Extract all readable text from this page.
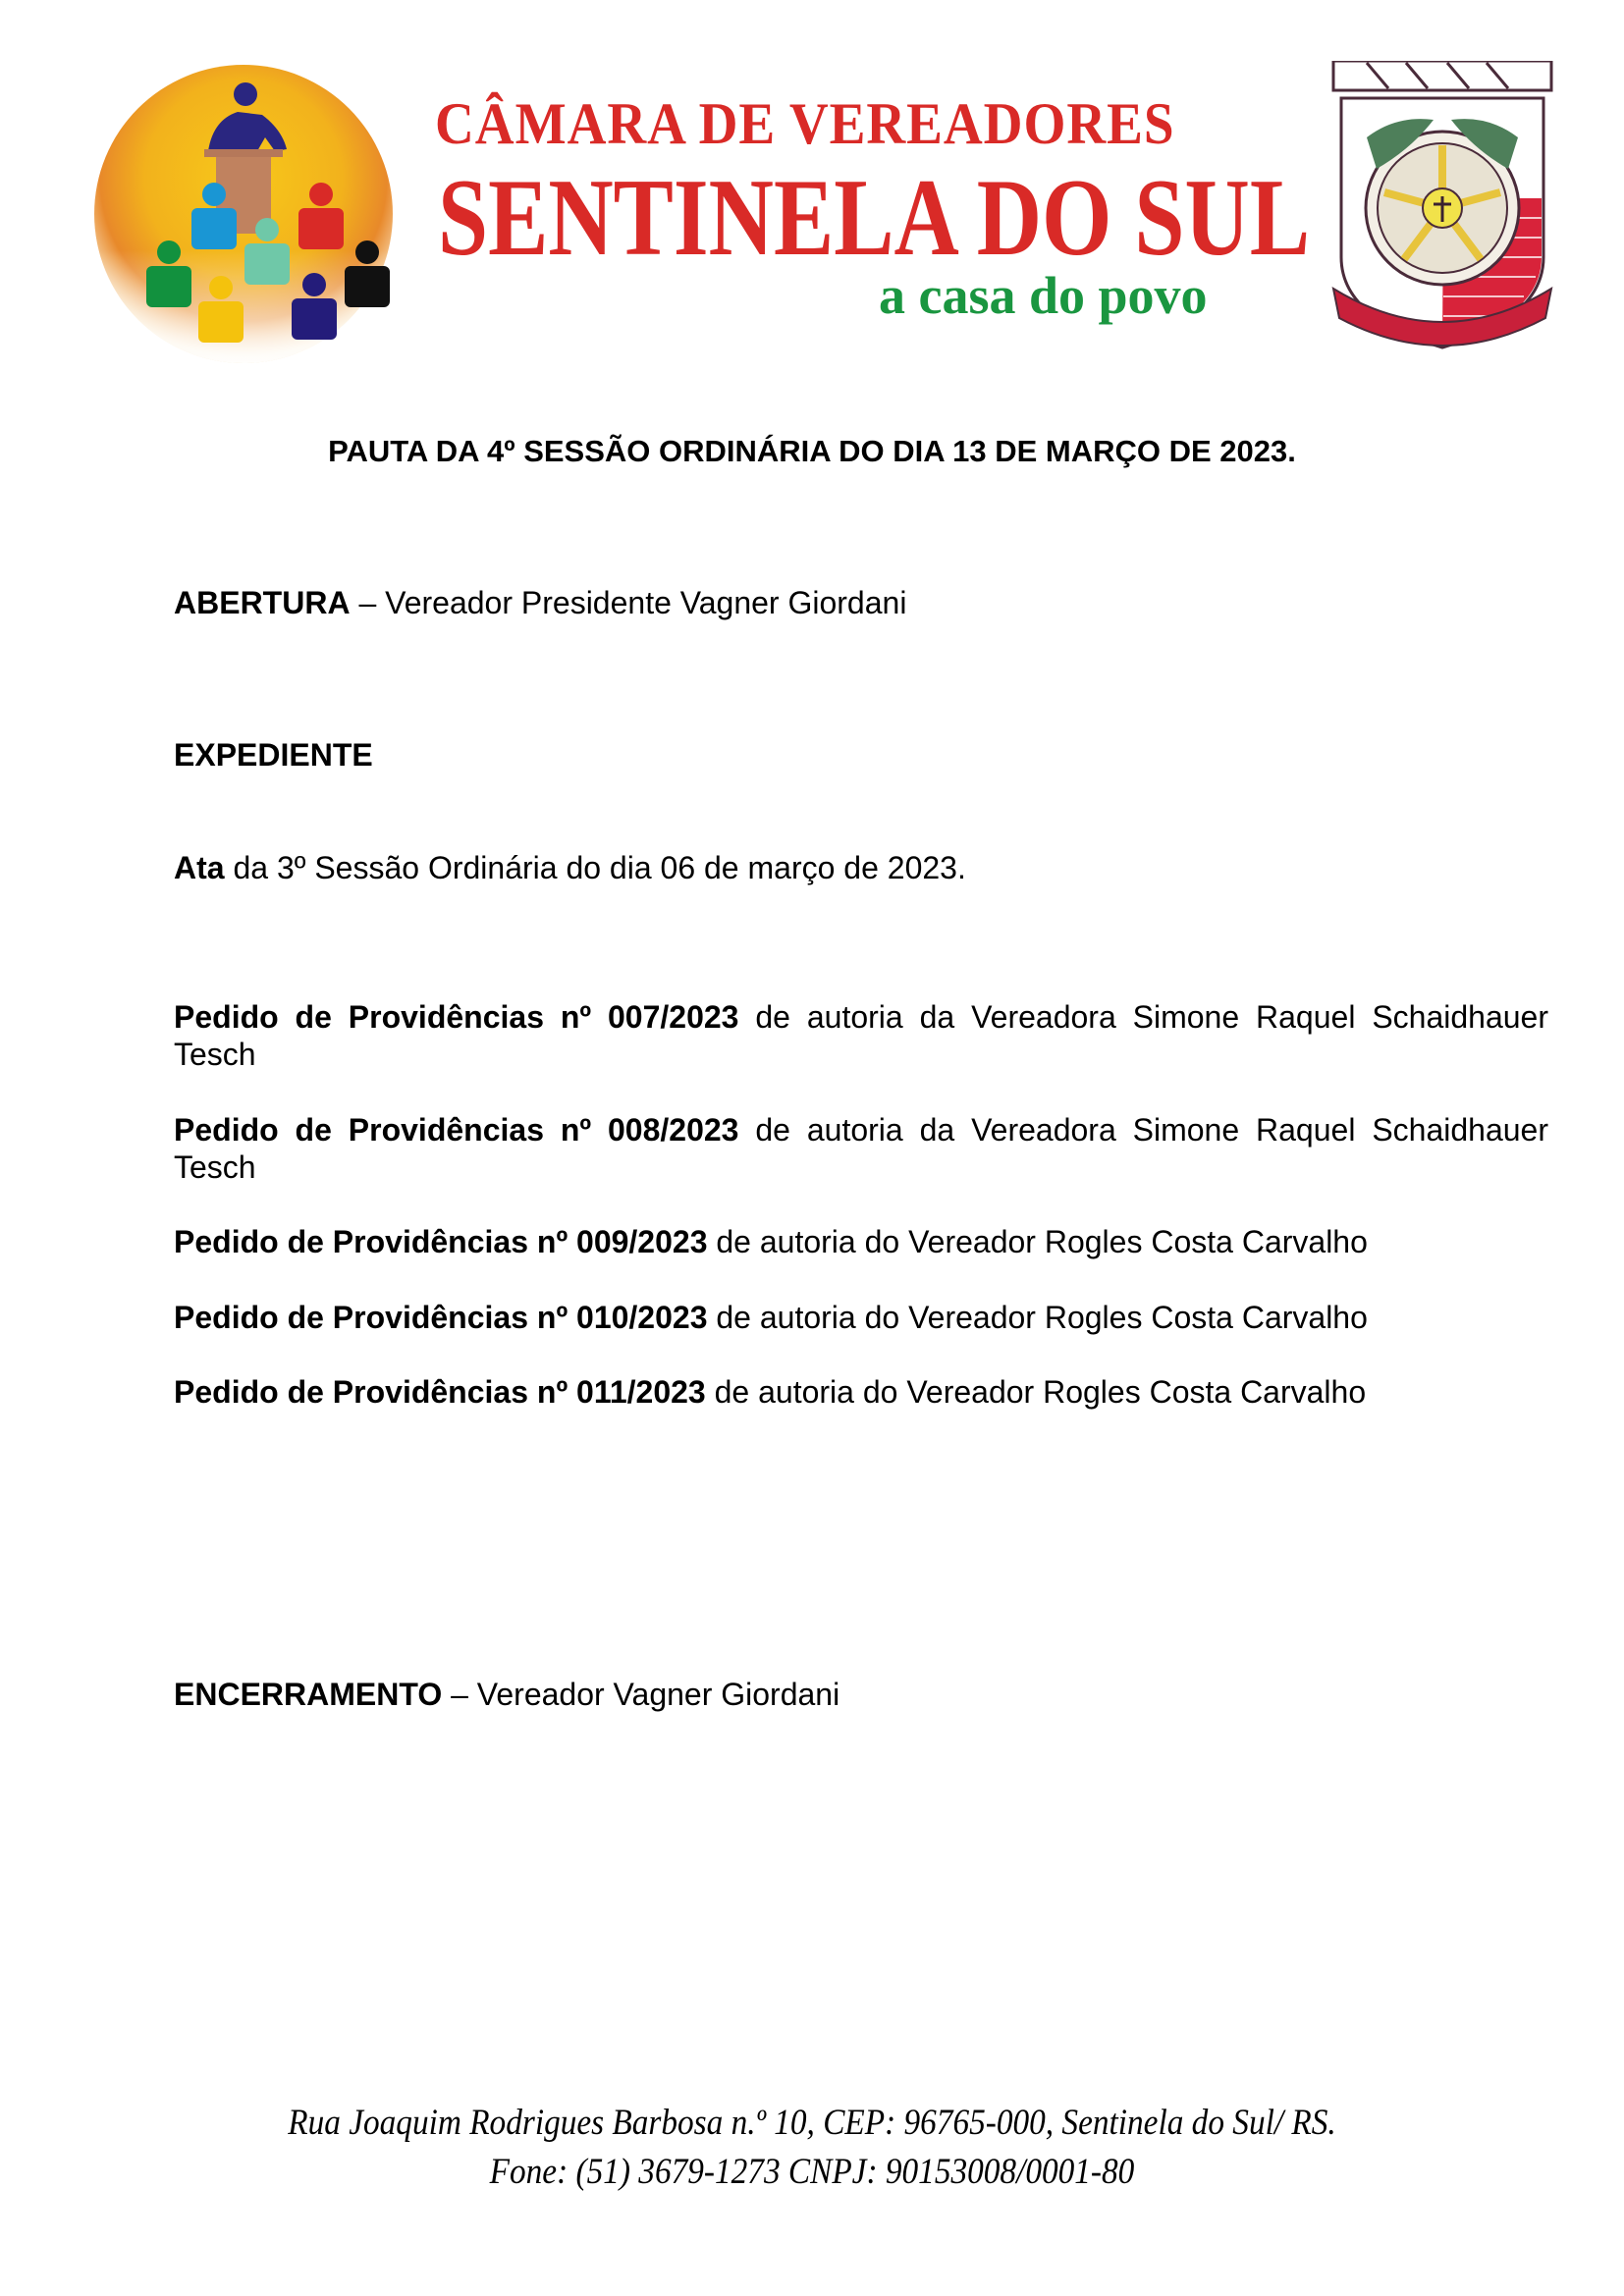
CÂMARA DE VEREADORES
SENTINELA DO SUL
a casa do povo
PAUTA DA 4º SESSÃO ORDINÁRIA DO DIA 13 DE MARÇO DE 2023.
ABERTURA – Vereador Presidente Vagner Giordani
EXPEDIENTE
Ata da 3º Sessão Ordinária do dia 06 de março de 2023.
Pedido de Providências nº 007/2023 de autoria da Vereadora Simone Raquel Schaidhauer Tesch
Pedido de Providências nº 008/2023 de autoria da Vereadora Simone Raquel Schaidhauer Tesch
Pedido de Providências nº 009/2023 de autoria do Vereador Rogles Costa Carvalho
Pedido de Providências nº 010/2023 de autoria do Vereador Rogles Costa Carvalho
Pedido de Providências nº 011/2023 de autoria do Vereador Rogles Costa Carvalho
ENCERRAMENTO – Vereador Vagner Giordani
Rua Joaquim Rodrigues Barbosa n.º 10, CEP: 96765-000, Sentinela do Sul/ RS.
Fone: (51) 3679-1273 CNPJ: 90153008/0001-80
